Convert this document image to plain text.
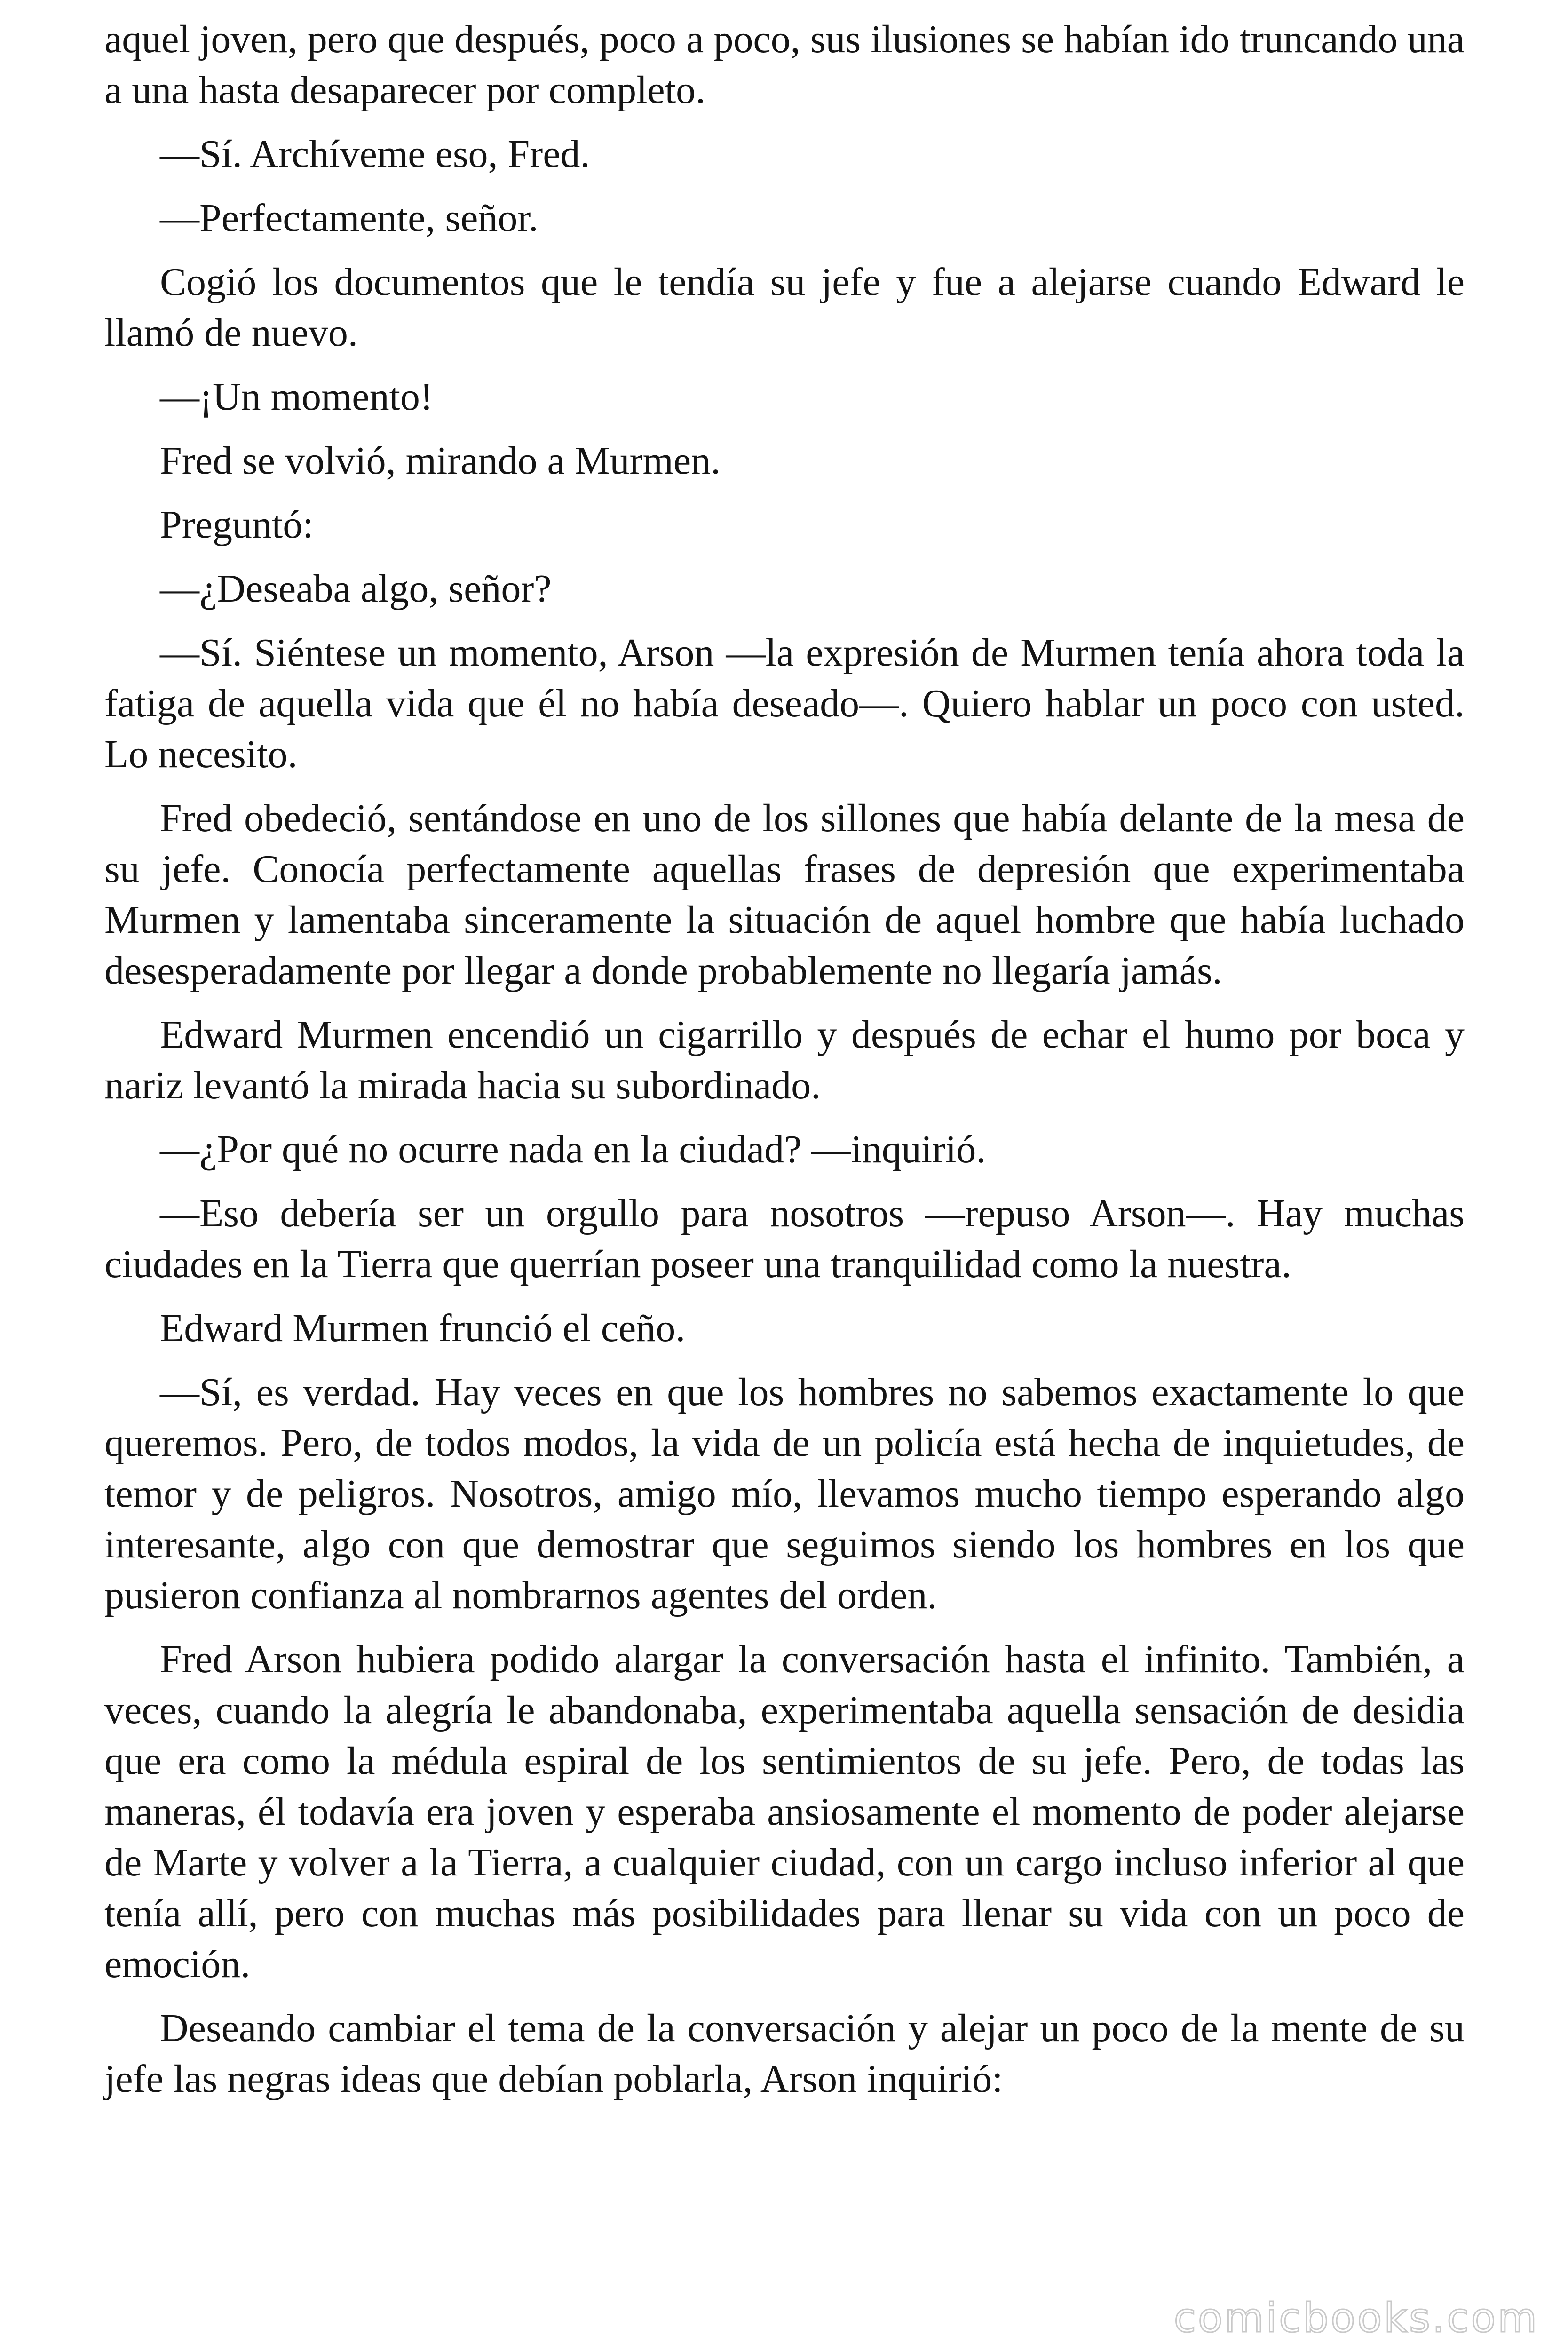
aquel joven, pero que después, poco a poco, sus ilusiones se habían ido truncando una a una hasta desaparecer por completo.

—Sí. Archíveme eso, Fred.

—Perfectamente, señor.

Cogió los documentos que le tendía su jefe y fue a alejarse cuando Edward le llamó de nuevo.

—¡Un momento!

Fred se volvió, mirando a Murmen.

Preguntó:

—¿Deseaba algo, señor?

—Sí. Siéntese un momento, Arson —la expresión de Murmen tenía ahora toda la fatiga de aquella vida que él no había deseado—. Quiero hablar un poco con usted. Lo necesito.

Fred obedeció, sentándose en uno de los sillones que había delante de la mesa de su jefe. Conocía perfectamente aquellas frases de depresión que experimentaba Murmen y lamentaba sinceramente la situación de aquel hombre que había luchado desesperadamente por llegar a donde probablemente no llegaría jamás.

Edward Murmen encendió un cigarrillo y después de echar el humo por boca y nariz levantó la mirada hacia su subordinado.

—¿Por qué no ocurre nada en la ciudad? —inquirió.

—Eso debería ser un orgullo para nosotros —repuso Arson—. Hay muchas ciudades en la Tierra que querrían poseer una tranquilidad como la nuestra.

Edward Murmen frunció el ceño.

—Sí, es verdad. Hay veces en que los hombres no sabemos exactamente lo que queremos. Pero, de todos modos, la vida de un policía está hecha de inquietudes, de temor y de peligros. Nosotros, amigo mío, llevamos mucho tiempo esperando algo interesante, algo con que demostrar que seguimos siendo los hombres en los que pusieron confianza al nombrarnos agentes del orden.

Fred Arson hubiera podido alargar la conversación hasta el infinito. También, a veces, cuando la alegría le abandonaba, experimentaba aquella sensación de desidia que era como la médula espiral de los sentimientos de su jefe. Pero, de todas las maneras, él todavía era joven y esperaba ansiosamente el momento de poder alejarse de Marte y volver a la Tierra, a cualquier ciudad, con un cargo incluso inferior al que tenía allí, pero con muchas más posibilidades para llenar su vida con un poco de emoción.

Deseando cambiar el tema de la conversación y alejar un poco de la mente de su jefe las negras ideas que debían poblarla, Arson inquirió:

comicbooks.com
